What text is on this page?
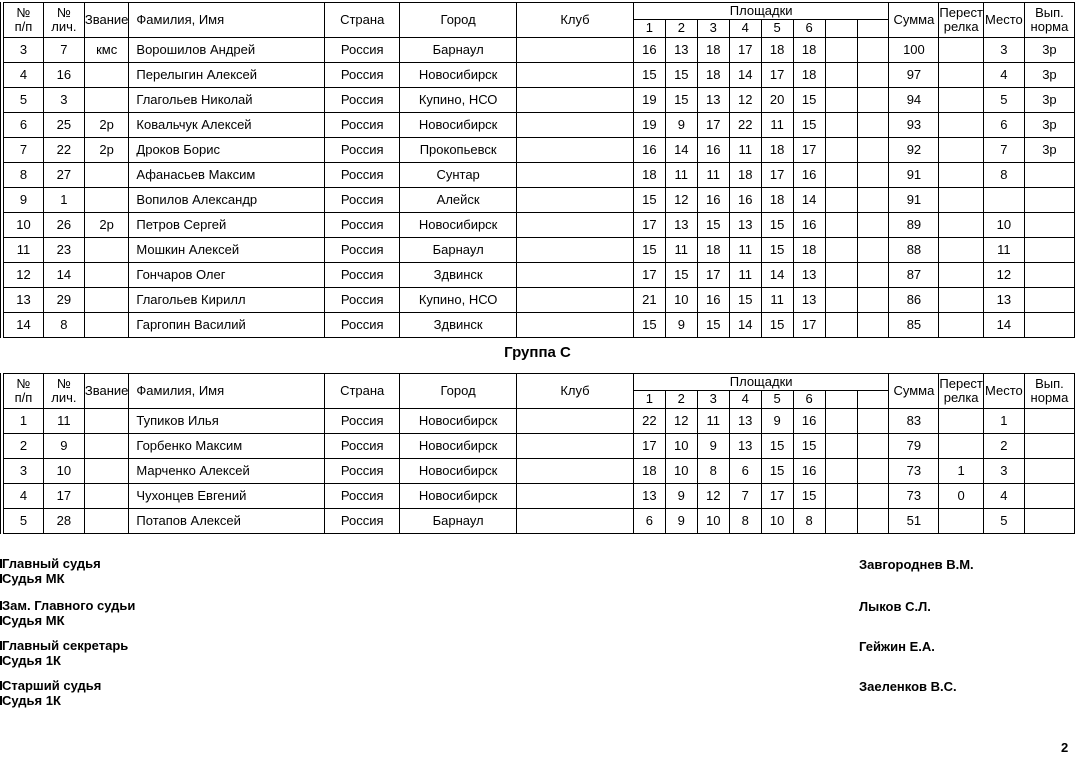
№
п/п	№
лич.	Звание	Фамилия, Имя	Страна	Город	Клуб	Площадки								Сумма	Перест
релка	Место	Вып.
норма
							1	2	3	4	5	6						
3	7	кмс	Ворошилов Андрей	Россия	Барнаул		16	13	18	17	18	18			100		3	3р
4	16		Перелыгин Алексей	Россия	Новосибирск		15	15	18	14	17	18			97		4	3р
5	3		Глагольев Николай	Россия	Купино, НСО		19	15	13	12	20	15			94		5	3р
6	25	2р	Ковальчук Алексей	Россия	Новосибирск		19	9	17	22	11	15			93		6	3р
7	22	2р	Дроков Борис	Россия	Прокопьевск		16	14	16	11	18	17			92		7	3р
8	27		Афанасьев Максим	Россия	Сунтар		18	11	11	18	17	16			91		8	
9	1		Вопилов Александр	Россия	Алейск		15	12	16	16	18	14			91			
10	26	2р	Петров Сергей	Россия	Новосибирск		17	13	15	13	15	16			89		10	
11	23		Мошкин Алексей	Россия	Барнаул		15	11	18	11	15	18			88		11	
12	14		Гончаров Олег	Россия	Здвинск		17	15	17	11	14	13			87		12	
13	29		Глагольев Кирилл	Россия	Купино, НСО		21	10	16	15	11	13			86		13	
14	8		Гаргопин Василий	Россия	Здвинск		15	9	15	14	15	17			85		14	
Группа C
№
п/п	№
лич.	Звание	Фамилия, Имя	Страна	Город	Клуб	Площадки								Сумма	Перест
релка	Место	Вып.
норма
							1	2	3	4	5	6						
1	11		Тупиков Илья	Россия	Новосибирск		22	12	11	13	9	16			83		1	
2	9		Горбенко Максим	Россия	Новосибирск		17	10	9	13	15	15			79		2	
3	10		Марченко Алексей	Россия	Новосибирск		18	10	8	6	15	16			73	1	3	
4	17		Чухонцев Евгений	Россия	Новосибирск		13	9	12	7	17	15			73	0	4	
5	28		Потапов Алексей	Россия	Барнаул		6	9	10	8	10	8			51		5	
Главный судья
Судья МК
Завгороднев В.М.
Зам. Главного судьи
Судья МК
Лыков С.Л.
Главный секретарь
Судья 1К
Гейжин Е.А.
Старший судья
Судья 1К
Заеленков В.С.
2
